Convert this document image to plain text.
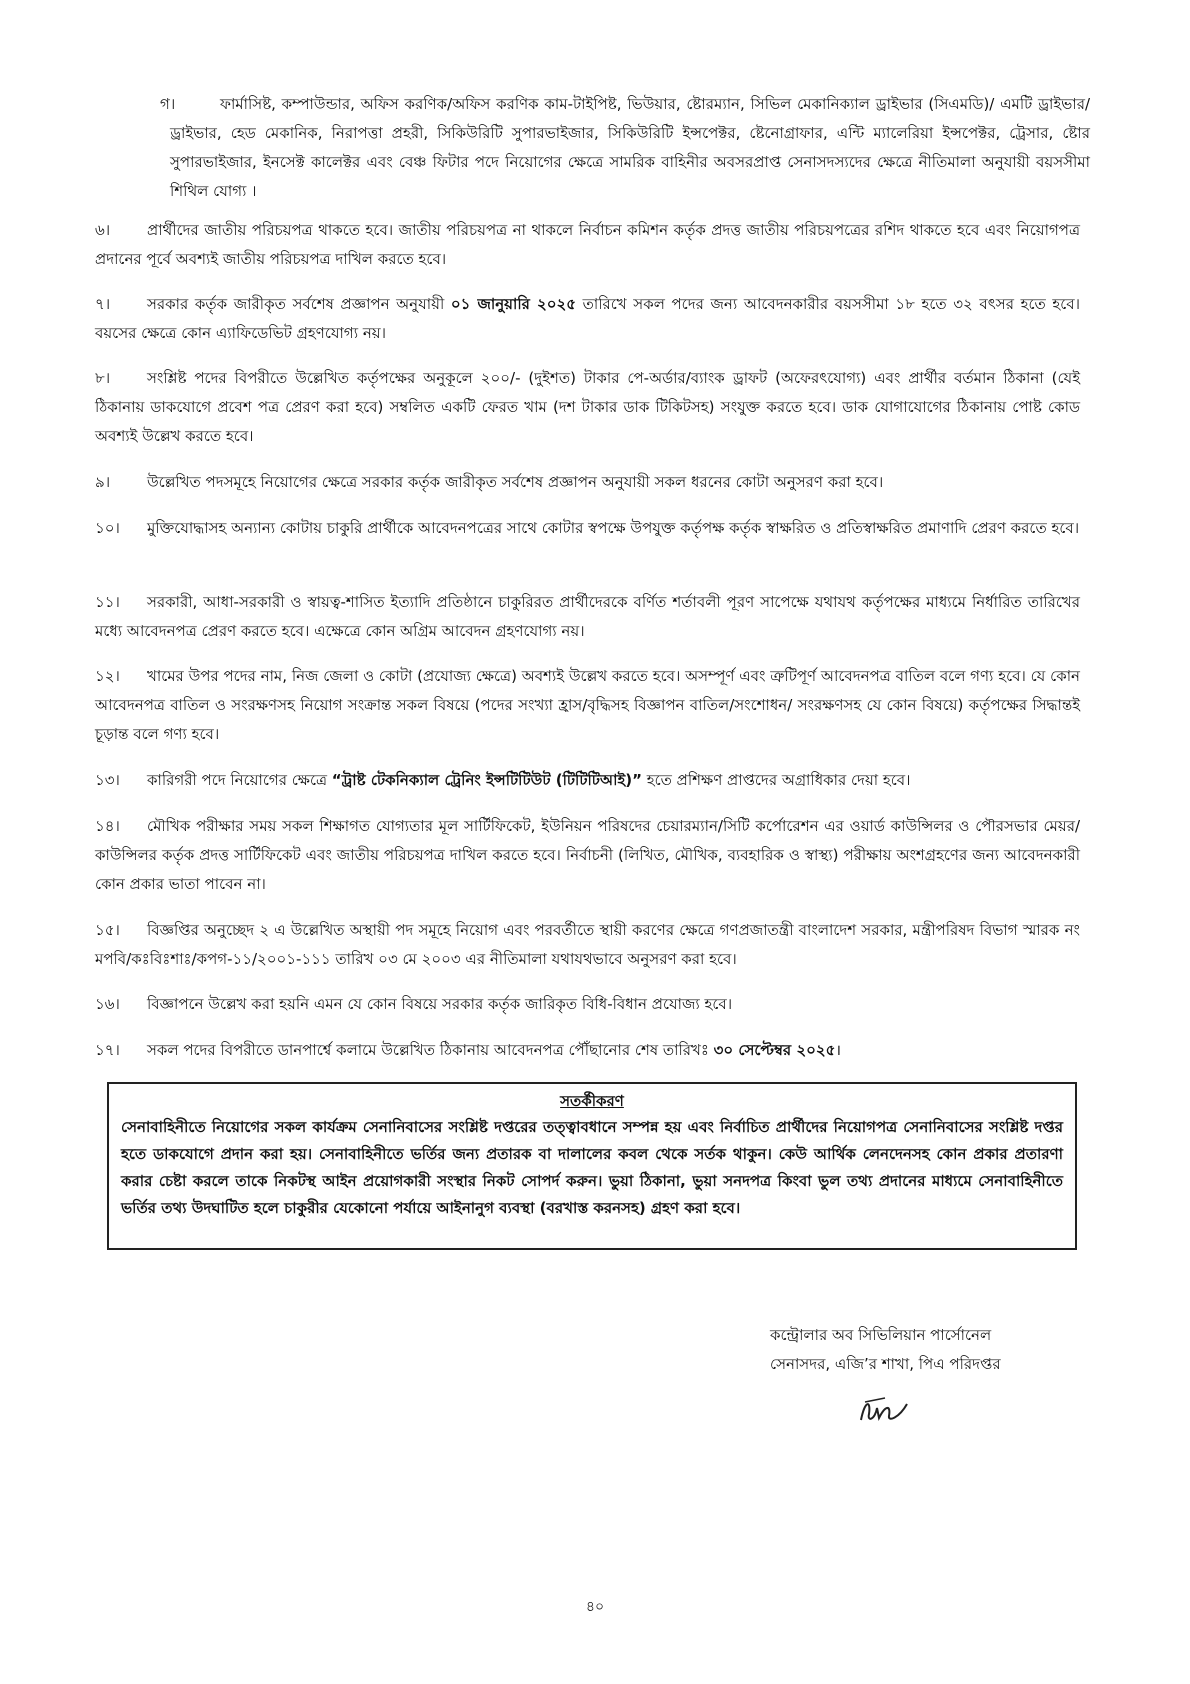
গ।	ফার্মাসিষ্ট, কম্পাউন্ডার, অফিস করণিক/অফিস করণিক কাম-টাইপিষ্ট, ভিউয়ার, ষ্টোরম্যান, সিভিল মেকানিক্যাল ড্রাইভার (সিএমডি)/ এমটি ড্রাইভার/ড্রাইভার, হেড মেকানিক, নিরাপত্তা প্রহরী, সিকিউরিটি সুপারভাইজার, সিকিউরিটি ইন্সপেক্টর, ষ্টেনোগ্রাফার, এন্টি ম্যালেরিয়া ইন্সপেক্টর, ট্রেসার, ষ্টোর সুপারভাইজার, ইনসেক্ট কালেক্টর এবং বেঞ্চ ফিটার পদে নিয়োগের ক্ষেত্রে সামরিক বাহিনীর অবসরপ্রাপ্ত সেনাসদস্যদের ক্ষেত্রে নীতিমালা অনুযায়ী বয়সসীমা শিথিল যোগ্য ।
৬। প্রার্থীদের জাতীয় পরিচয়পত্র থাকতে হবে। জাতীয় পরিচয়পত্র না থাকলে নির্বাচন কমিশন কর্তৃক প্রদত্ত জাতীয় পরিচয়পত্রের রশিদ থাকতে হবে এবং নিয়োগপত্র প্রদানের পূর্বে অবশ্যই জাতীয় পরিচয়পত্র দাখিল করতে হবে।
৭। সরকার কর্তৃক জারীকৃত সর্বশেষ প্রজ্ঞাপন অনুযায়ী ০১ জানুয়ারি ২০২৫ তারিখে সকল পদের জন্য আবেদনকারীর বয়সসীমা ১৮ হতে ৩২ বৎসর হতে হবে। বয়সের ক্ষেত্রে কোন এ্যাফিডেভিট গ্রহণযোগ্য নয়।
৮। সংশ্লিষ্ট পদের বিপরীতে উল্লেখিত কর্তৃপক্ষের অনুকূলে ২০০/- (দুইশত) টাকার পে-অর্ডার/ব্যাংক ড্রাফট (অফেরৎযোগ্য) এবং প্রার্থীর বর্তমান ঠিকানা (যেই ঠিকানায় ডাকযোগে প্রবেশ পত্র প্রেরণ করা হবে) সম্বলিত একটি ফেরত খাম (দশ টাকার ডাক টিকিটসহ) সংযুক্ত করতে হবে। ডাক যোগাযোগের ঠিকানায় পোষ্ট কোড অবশ্যই উল্লেখ করতে হবে।
৯। উল্লেখিত পদসমূহে নিয়োগের ক্ষেত্রে সরকার কর্তৃক জারীকৃত সর্বশেষ প্রজ্ঞাপন অনুযায়ী সকল ধরনের কোটা অনুসরণ করা হবে।
১০। মুক্তিযোদ্ধাসহ অন্যান্য কোটায় চাকুরি প্রার্থীকে আবেদনপত্রের সাথে কোটার স্বপক্ষে উপযুক্ত কর্তৃপক্ষ কর্তৃক স্বাক্ষরিত ও প্রতিস্বাক্ষরিত প্রমাণাদি প্রেরণ করতে হবে।
১১। সরকারী, আধা-সরকারী ও স্বায়ত্ব-শাসিত ইত্যাদি প্রতিষ্ঠানে চাকুরিরত প্রার্থীদেরকে বর্ণিত শর্তাবলী পূরণ সাপেক্ষে যথাযথ কর্তৃপক্ষের মাধ্যমে নির্ধারিত তারিখের মধ্যে আবেদনপত্র প্রেরণ করতে হবে। এক্ষেত্রে কোন অগ্রিম আবেদন গ্রহণযোগ্য নয়।
১২। খামের উপর পদের নাম, নিজ জেলা ও কোটা (প্রযোজ্য ক্ষেত্রে) অবশ্যই উল্লেখ করতে হবে। অসম্পূর্ণ এবং ত্রুটিপূর্ণ আবেদনপত্র বাতিল বলে গণ্য হবে। যে কোন আবেদনপত্র বাতিল ও সংরক্ষণসহ নিয়োগ সংক্রান্ত সকল বিষয়ে (পদের সংখ্যা হ্রাস/বৃদ্ধিসহ বিজ্ঞাপন বাতিল/সংশোধন/ সংরক্ষণসহ যে কোন বিষয়ে) কর্তৃপক্ষের সিদ্ধান্তই চূড়ান্ত বলে গণ্য হবে।
১৩। কারিগরী পদে নিয়োগের ক্ষেত্রে “ট্রাষ্ট টেকনিক্যাল ট্রেনিং ইন্সটিটিউট (টিটিটিআই)” হতে প্রশিক্ষণ প্রাপ্তদের অগ্রাধিকার দেয়া হবে।
১৪। মৌখিক পরীক্ষার সময় সকল শিক্ষাগত যোগ্যতার মূল সার্টিফিকেট, ইউনিয়ন পরিষদের চেয়ারম্যান/সিটি কর্পোরেশন এর ওয়ার্ড কাউন্সিলর ও পৌরসভার মেয়র/কাউন্সিলর কর্তৃক প্রদত্ত সার্টিফিকেট এবং জাতীয় পরিচয়পত্র দাখিল করতে হবে। নির্বাচনী (লিখিত, মৌখিক, ব্যবহারিক ও স্বাস্থ্য) পরীক্ষায় অংশগ্রহণের জন্য আবেদনকারী কোন প্রকার ভাতা পাবেন না।
১৫। বিজ্ঞপ্তির অনুচ্ছেদ ২ এ উল্লেখিত অস্থায়ী পদ সমূহে নিয়োগ এবং পরবর্তীতে স্থায়ী করণের ক্ষেত্রে গণপ্রজাতন্ত্রী বাংলাদেশ সরকার, মন্ত্রীপরিষদ বিভাগ স্মারক নং মপবি/কঃবিঃশাঃ/কপগ-১১/২০০১-১১১ তারিখ ০৩ মে ২০০৩ এর নীতিমালা যথাযথভাবে অনুসরণ করা হবে।
১৬। বিজ্ঞাপনে উল্লেখ করা হয়নি এমন যে কোন বিষয়ে সরকার কর্তৃক জারিকৃত বিধি-বিধান প্রযোজ্য হবে।
১৭। সকল পদের বিপরীতে ডানপার্শ্বে কলামে উল্লেখিত ঠিকানায় আবেদনপত্র পৌঁছানোর শেষ তারিখঃ ৩০ সেপ্টেম্বর ২০২৫।
সতর্কীকরণ
সেনাবাহিনীতে নিয়োগের সকল কার্যক্রম সেনানিবাসের সংশ্লিষ্ট দপ্তরের তত্ত্বাবধানে সম্পন্ন হয় এবং নির্বাচিত প্রার্থীদের নিয়োগপত্র সেনানিবাসের সংশ্লিষ্ট দপ্তর হতে ডাকযোগে প্রদান করা হয়। সেনাবাহিনীতে ভর্তির জন্য প্রতারক বা দালালের কবল থেকে সর্তক থাকুন। কেউ আর্থিক লেনদেনসহ কোন প্রকার প্রতারণা করার চেষ্টা করলে তাকে নিকটস্থ আইন প্রয়োগকারী সংস্থার নিকট সোপর্দ করুন। ভুয়া ঠিকানা, ভুয়া সনদপত্র কিংবা ভুল তথ্য প্রদানের মাধ্যমে সেনাবাহিনীতে ভর্তির তথ্য উদঘাটিত হলে চাকুরীর যেকোনো পর্যায়ে আইনানুগ ব্যবস্থা (বরখাস্ত করনসহ) গ্রহণ করা হবে।
কন্ট্রোলার অব সিভিলিয়ান পার্সোনেল
সেনাসদর, এজি’র শাখা, পিএ পরিদপ্তর
৪০
